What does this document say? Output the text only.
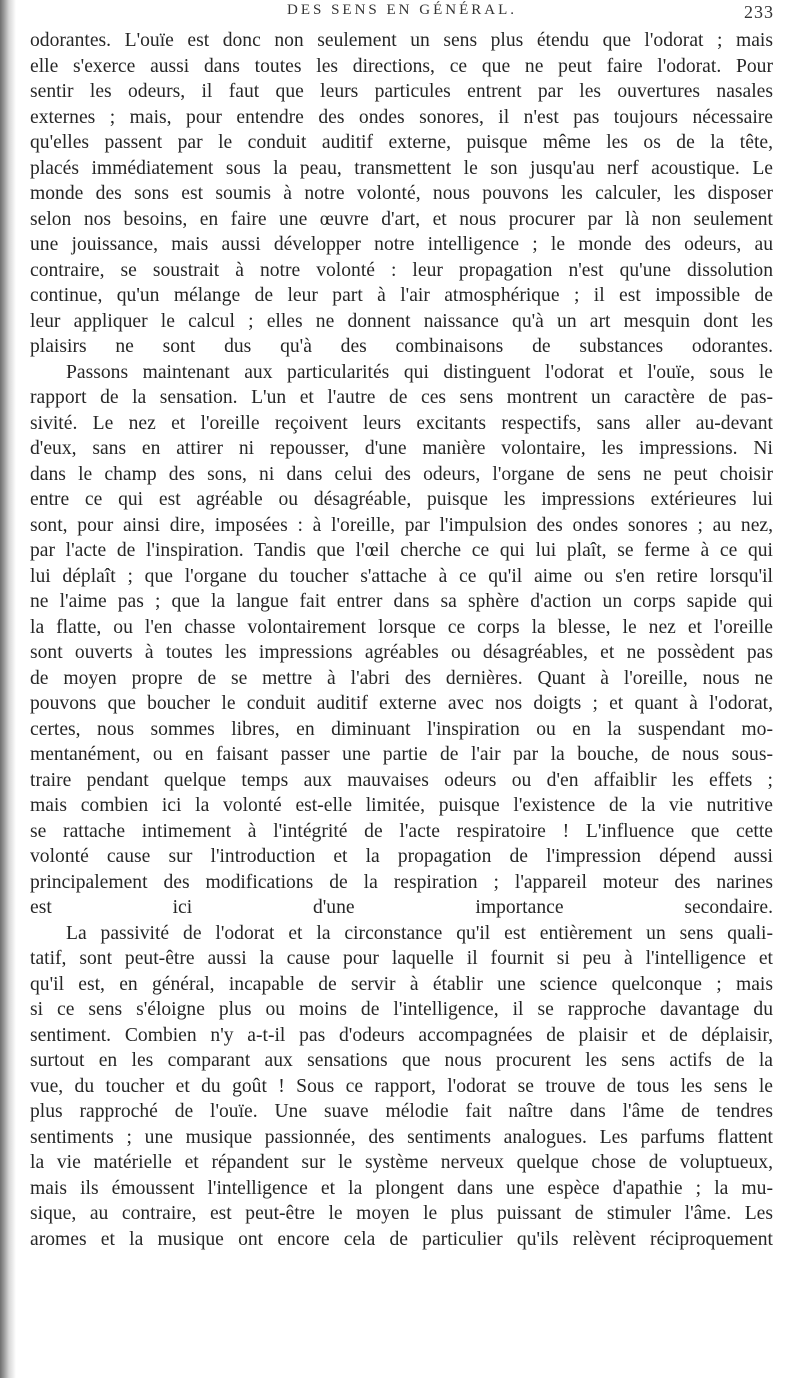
DES SENS EN GÉNÉRAL.	233

odorantes. L'ouïe est donc non seulement un sens plus étendu que l'odorat ; mais

elle s'exerce aussi dans toutes les directions, ce que ne peut faire l'odorat. Pour

sentir les odeurs, il faut que leurs particules entrent par les ouvertures nasales

externes ; mais, pour entendre des ondes sonores, il n'est pas toujours nécessaire

qu'elles passent par le conduit auditif externe, puisque même les os de la tête,

placés immédiatement sous la peau, transmettent le son jusqu'au nerf acoustique. Le

monde des sons est soumis à notre volonté, nous pouvons les calculer, les disposer

selon nos besoins, en faire une œuvre d'art, et nous procurer par là non seulement

une jouissance, mais aussi développer notre intelligence ; le monde des odeurs, au

contraire, se soustrait à notre volonté : leur propagation n'est qu'une dissolution

continue, qu'un mélange de leur part à l'air atmosphérique ; il est impossible de

leur appliquer le calcul ; elles ne donnent naissance qu'à un art mesquin dont les

plaisirs ne sont dus qu'à des combinaisons de substances odorantes.

Passons maintenant aux particularités qui distinguent l'odorat et l'ouïe, sous le

rapport de la sensation. L'un et l'autre de ces sens montrent un caractère de pas-

sivité. Le nez et l'oreille reçoivent leurs excitants respectifs, sans aller au-devant

d'eux, sans en attirer ni repousser, d'une manière volontaire, les impressions. Ni

dans le champ des sons, ni dans celui des odeurs, l'organe de sens ne peut choisir

entre ce qui est agréable ou désagréable, puisque les impressions extérieures lui

sont, pour ainsi dire, imposées : à l'oreille, par l'impulsion des ondes sonores ; au nez,

par l'acte de l'inspiration. Tandis que l'œil cherche ce qui lui plaît, se ferme à ce qui

lui déplaît ; que l'organe du toucher s'attache à ce qu'il aime ou s'en retire lorsqu'il

ne l'aime pas ; que la langue fait entrer dans sa sphère d'action un corps sapide qui

la flatte, ou l'en chasse volontairement lorsque ce corps la blesse, le nez et l'oreille

sont ouverts à toutes les impressions agréables ou désagréables, et ne possèdent pas

de moyen propre de se mettre à l'abri des dernières. Quant à l'oreille, nous ne

pouvons que boucher le conduit auditif externe avec nos doigts ; et quant à l'odorat,

certes, nous sommes libres, en diminuant l'inspiration ou en la suspendant mo-

mentanément, ou en faisant passer une partie de l'air par la bouche, de nous sous-

traire pendant quelque temps aux mauvaises odeurs ou d'en affaiblir les effets ;

mais combien ici la volonté est-elle limitée, puisque l'existence de la vie nutritive

se rattache intimement à l'intégrité de l'acte respiratoire ! L'influence que cette

volonté cause sur l'introduction et la propagation de l'impression dépend aussi

principalement des modifications de la respiration ; l'appareil moteur des narines

est ici d'une importance secondaire.

La passivité de l'odorat et la circonstance qu'il est entièrement un sens quali-

tatif, sont peut-être aussi la cause pour laquelle il fournit si peu à l'intelligence et

qu'il est, en général, incapable de servir à établir une science quelconque ; mais

si ce sens s'éloigne plus ou moins de l'intelligence, il se rapproche davantage du

sentiment. Combien n'y a-t-il pas d'odeurs accompagnées de plaisir et de déplaisir,

surtout en les comparant aux sensations que nous procurent les sens actifs de la

vue, du toucher et du goût ! Sous ce rapport, l'odorat se trouve de tous les sens le

plus rapproché de l'ouïe. Une suave mélodie fait naître dans l'âme de tendres

sentiments ; une musique passionnée, des sentiments analogues. Les parfums flattent

la vie matérielle et répandent sur le système nerveux quelque chose de voluptueux,

mais ils émoussent l'intelligence et la plongent dans une espèce d'apathie ; la mu-

sique, au contraire, est peut-être le moyen le plus puissant de stimuler l'âme. Les

aromes et la musique ont encore cela de particulier qu'ils relèvent réciproquement
